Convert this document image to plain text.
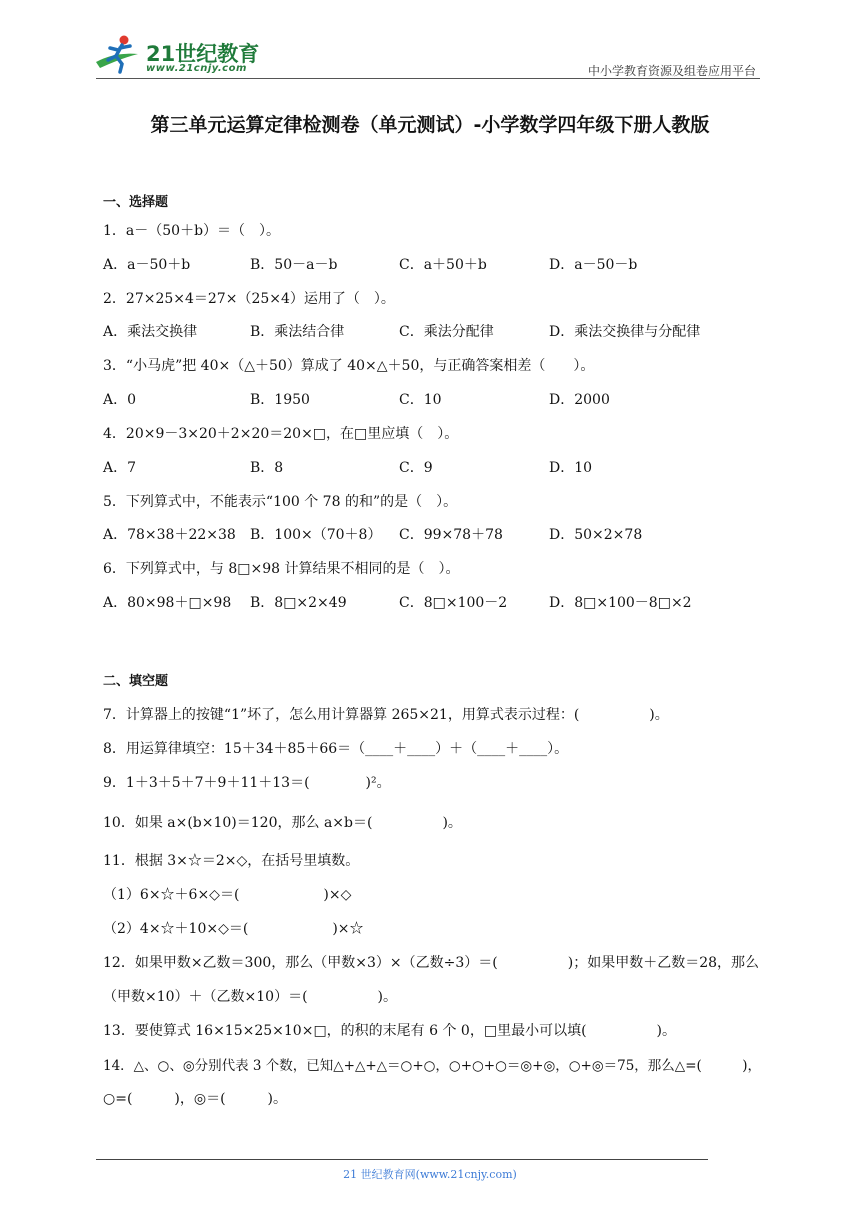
21世纪教育
www.21cnjy.com	中小学教育资源及组卷应用平台
第三单元运算定律检测卷（单元测试）-小学数学四年级下册人教版
一、选择题
1．a－（50＋b）＝（　）。
A．a－50＋b	B．50－a－b	C．a＋50＋b	D．a－50－b
2．27×25×4＝27×（25×4）运用了（　）。
A．乘法交换律	B．乘法结合律	C．乘法分配律	D．乘法交换律与分配律
3．“小马虎”把 40×（△＋50）算成了 40×△＋50，与正确答案相差（　　）。
A．0	B．1950	C．10	D．2000
4．20×9－3×20＋2×20＝20×□，在□里应填（　）。
A．7	B．8	C．9	D．10
5．下列算式中，不能表示“100 个 78 的和”的是（　）。
A．78×38＋22×38 B．100×（70＋8） C．99×78＋78	D．50×2×78
6．下列算式中，与 8□×98 计算结果不相同的是（　）。
A．80×98＋□×98 B．8□×2×49	C．8□×100－2	D．8□×100－8□×2
二、填空题
7．计算器上的按键“1”坏了，怎么用计算器算 265×21，用算式表示过程：(　　　　　)。
8．用运算律填空：15＋34＋85＋66＝（____＋____）＋（____＋____）。
9．1＋3＋5＋7＋9＋11＋13＝(　　　　)²。
10．如果 a×(b×10)＝120，那么 a×b＝(　　　　　)。
11．根据 3×☆＝2×◇，在括号里填数。
（1）6×☆＋6×◇＝(　　　　　　)×◇
（2）4×☆＋10×◇＝(　　　　　　)×☆
12．如果甲数×乙数＝300，那么（甲数×3）×（乙数÷3）＝(　　　　　)；如果甲数＋乙数＝28，那么
（甲数×10）＋（乙数×10）＝(　　　　　)。
13．要使算式 16×15×25×10×□，的积的末尾有 6 个 0，□里最小可以填(　　　　　)。
14．△、○、◎分别代表 3 个数，已知△+△+△＝○+○，○+○+○＝◎+◎，○+◎＝75，那么△=(　　　)，
○=(　　　)，◎＝(　　　)。
21 世纪教育网(www.21cnjy.com)
